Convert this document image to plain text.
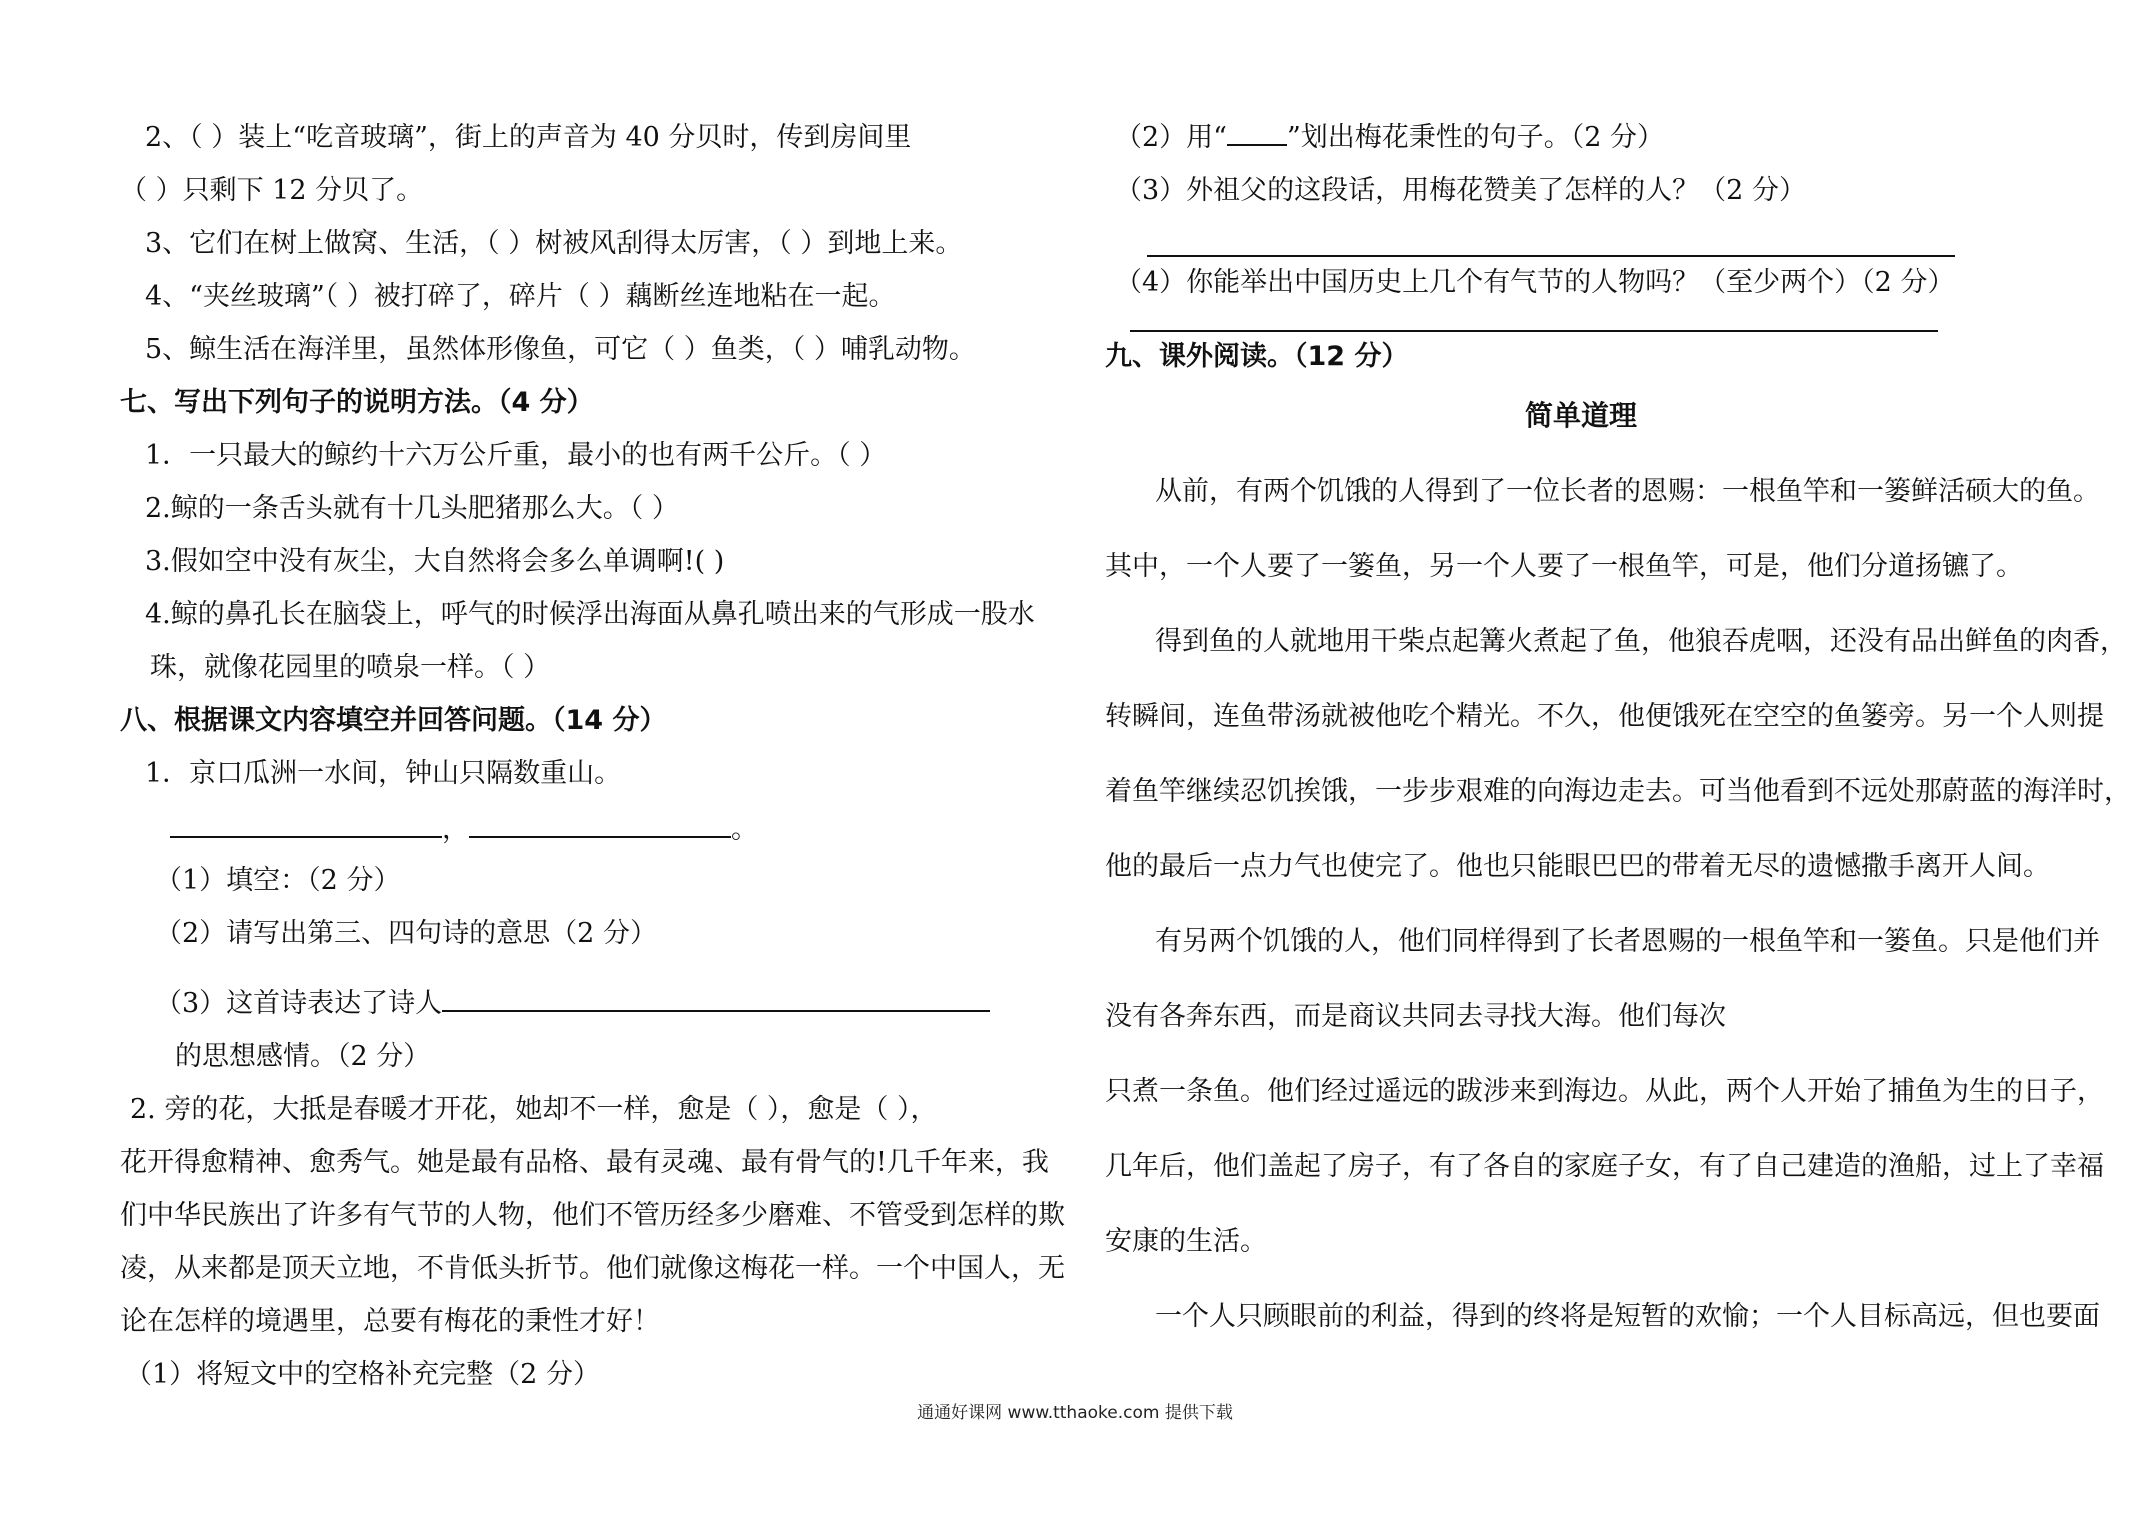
2、（ ）装上“吃音玻璃”，街上的声音为 40 分贝时，传到房间里
（ ）只剩下 12 分贝了。
3、它们在树上做窝、生活，（ ）树被风刮得太厉害，（ ）到地上来。
4、“夹丝玻璃”（ ）被打碎了，碎片（ ）藕断丝连地粘在一起。
5、鲸生活在海洋里，虽然体形像鱼，可它（ ）鱼类，（ ）哺乳动物。
七、写出下列句子的说明方法。（4 分）
1．一只最大的鲸约十六万公斤重，最小的也有两千公斤。（ ）
2.鲸的一条舌头就有十几头肥猪那么大。（ ）
3.假如空中没有灰尘，大自然将会多么单调啊!( )
4.鲸的鼻孔长在脑袋上，呼气的时候浮出海面从鼻孔喷出来的气形成一股水
珠，就像花园里的喷泉一样。（ ）
八、根据课文内容填空并回答问题。（14 分）
1．京口瓜洲一水间，钟山只隔数重山。
，	。
（1）填空：（2 分）
（2）请写出第三、四句诗的意思（2 分）
（3）这首诗表达了诗人
的思想感情。（2 分）
2. 旁的花，大抵是春暖才开花，她却不一样，愈是（ ），愈是（ ），
花开得愈精神、愈秀气。她是最有品格、最有灵魂、最有骨气的!几千年来，我
们中华民族出了许多有气节的人物，他们不管历经多少磨难、不管受到怎样的欺
凌，从来都是顶天立地，不肯低头折节。他们就像这梅花一样。一个中国人，无
论在怎样的境遇里，总要有梅花的秉性才好！
（1）将短文中的空格补充完整（2 分）
（2）用“ ”划出梅花秉性的句子。（2 分）
（3）外祖父的这段话，用梅花赞美了怎样的人？（2 分）
（4）你能举出中国历史上几个有气节的人物吗？（至少两个）（2 分）
九、课外阅读。（12 分）
简单道理
从前，有两个饥饿的人得到了一位长者的恩赐：一根鱼竿和一篓鲜活硕大的鱼。
其中，一个人要了一篓鱼，另一个人要了一根鱼竿，可是，他们分道扬镳了。
得到鱼的人就地用干柴点起篝火煮起了鱼，他狼吞虎咽，还没有品出鲜鱼的肉香，
转瞬间，连鱼带汤就被他吃个精光。不久，他便饿死在空空的鱼篓旁。另一个人则提
着鱼竿继续忍饥挨饿，一步步艰难的向海边走去。可当他看到不远处那蔚蓝的海洋时，
他的最后一点力气也使完了。他也只能眼巴巴的带着无尽的遗憾撒手离开人间。
有另两个饥饿的人，他们同样得到了长者恩赐的一根鱼竿和一篓鱼。只是他们并
没有各奔东西，而是商议共同去寻找大海。他们每次
只煮一条鱼。他们经过遥远的跋涉来到海边。从此，两个人开始了捕鱼为生的日子，
几年后，他们盖起了房子，有了各自的家庭子女，有了自己建造的渔船，过上了幸福
安康的生活。
一个人只顾眼前的利益，得到的终将是短暂的欢愉；一个人目标高远，但也要面
通通好课网 www.tthaoke.com 提供下载
